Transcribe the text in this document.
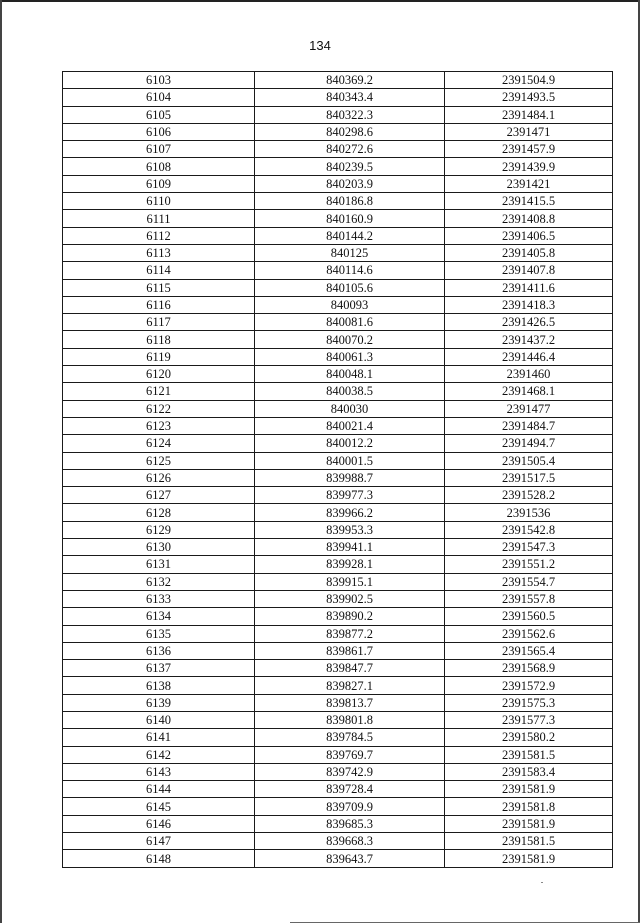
134
6103	840369.2	2391504.9
6104	840343.4	2391493.5
6105	840322.3	2391484.1
6106	840298.6	2391471
6107	840272.6	2391457.9
6108	840239.5	2391439.9
6109	840203.9	2391421
6110	840186.8	2391415.5
6111	840160.9	2391408.8
6112	840144.2	2391406.5
6113	840125	2391405.8
6114	840114.6	2391407.8
6115	840105.6	2391411.6
6116	840093	2391418.3
6117	840081.6	2391426.5
6118	840070.2	2391437.2
6119	840061.3	2391446.4
6120	840048.1	2391460
6121	840038.5	2391468.1
6122	840030	2391477
6123	840021.4	2391484.7
6124	840012.2	2391494.7
6125	840001.5	2391505.4
6126	839988.7	2391517.5
6127	839977.3	2391528.2
6128	839966.2	2391536
6129	839953.3	2391542.8
6130	839941.1	2391547.3
6131	839928.1	2391551.2
6132	839915.1	2391554.7
6133	839902.5	2391557.8
6134	839890.2	2391560.5
6135	839877.2	2391562.6
6136	839861.7	2391565.4
6137	839847.7	2391568.9
6138	839827.1	2391572.9
6139	839813.7	2391575.3
6140	839801.8	2391577.3
6141	839784.5	2391580.2
6142	839769.7	2391581.5
6143	839742.9	2391583.4
6144	839728.4	2391581.9
6145	839709.9	2391581.8
6146	839685.3	2391581.9
6147	839668.3	2391581.5
6148	839643.7	2391581.9
